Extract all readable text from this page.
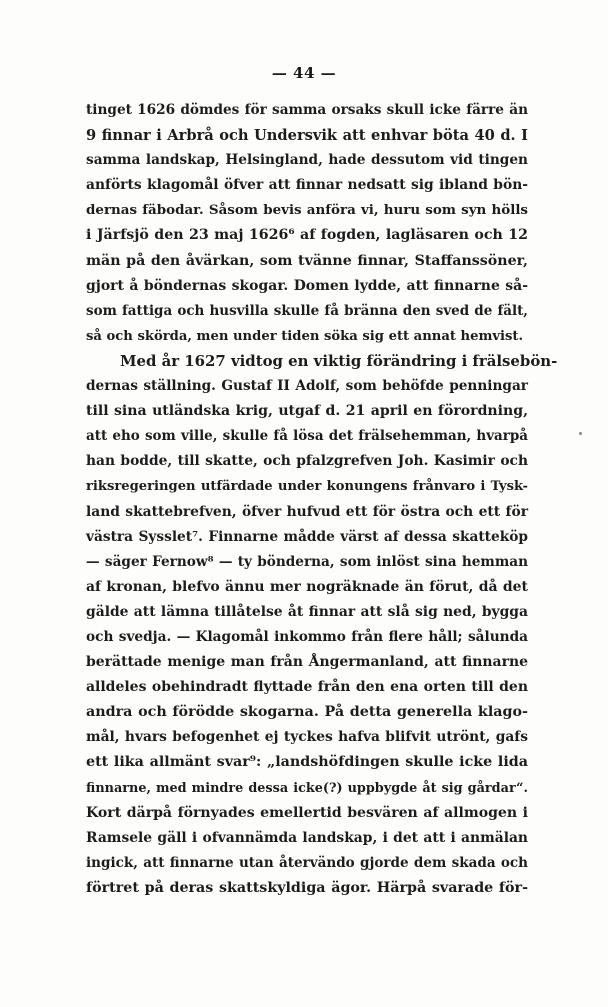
— 44 —
tinget 1626 dömdes för samma orsaks skull icke färre än
9 finnar i Arbrå och Undersvik att enhvar böta 40 d. I
samma landskap, Helsingland, hade dessutom vid tingen
anförts klagomål öfver att finnar nedsatt sig ibland bön-
dernas fäbodar. Såsom bevis anföra vi, huru som syn hölls
i Järfsjö den 23 maj 1626⁶ af fogden, lagläsaren och 12
män på den åvärkan, som tvänne finnar, Staffanssöner,
gjort å böndernas skogar. Domen lydde, att finnarne så-
som fattiga och husvilla skulle få bränna den sved de fält,
så och skörda, men under tiden söka sig ett annat hemvist.
Med år 1627 vidtog en viktig förändring i frälsebön-
dernas ställning. Gustaf II Adolf, som behöfde penningar
till sina utländska krig, utgaf d. 21 april en förordning,
att eho som ville, skulle få lösa det frälsehemman, hvarpå
han bodde, till skatte, och pfalzgrefven Joh. Kasimir och
riksregeringen utfärdade under konungens frånvaro i Tysk-
land skattebrefven, öfver hufvud ett för östra och ett för
västra Sysslet⁷. Finnarne mådde värst af dessa skatteköp
— säger Fernow⁸ — ty bönderna, som inlöst sina hemman
af kronan, blefvo ännu mer nogräknade än förut, då det
gälde att lämna tillåtelse åt finnar att slå sig ned, bygga
och svedja. — Klagomål inkommo från flere håll; sålunda
berättade menige man från Ångermanland, att finnarne
alldeles obehindradt flyttade från den ena orten till den
andra och förödde skogarna. På detta generella klago-
mål, hvars befogenhet ej tyckes hafva blifvit utrönt, gafs
ett lika allmänt svar⁹: „landshöfdingen skulle icke lida
finnarne, med mindre dessa icke(?) uppbygde åt sig gårdar“.
Kort därpå förnyades emellertid besvären af allmogen i
Ramsele gäll i ofvannämda landskap, i det att i anmälan
ingick, att finnarne utan återvändo gjorde dem skada och
förtret på deras skattskyldiga ägor. Härpå svarade för-
